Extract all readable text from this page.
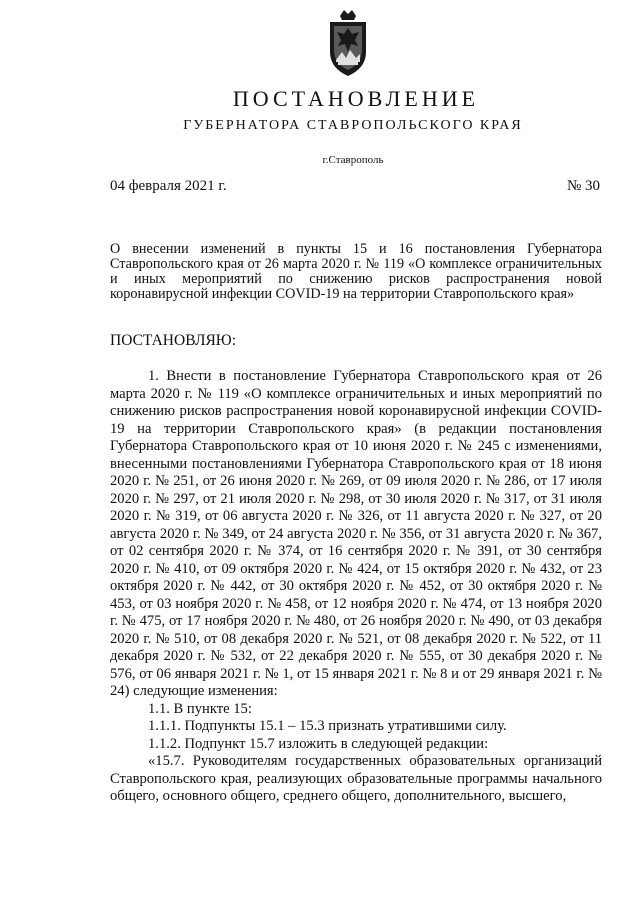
ПОСТАНОВЛЕНИЕ
ГУБЕРНАТОРА СТАВРОПОЛЬСКОГО КРАЯ
г.Ставрополь
04 февраля 2021 г.	№ 30
О внесении изменений в пункты 15 и 16 постановления Губернатора Ставропольского края от 26 марта 2020 г. № 119 «О комплексе ограничительных и иных мероприятий по снижению рисков распространения новой коронавирусной инфекции COVID-19 на территории Ставропольского края»
ПОСТАНОВЛЯЮ:

1. Внести в постановление Губернатора Ставропольского края от 26 марта 2020 г. № 119 «О комплексе ограничительных и иных мероприятий по снижению рисков распространения новой коронавирусной инфекции COVID-19 на территории Ставропольского края» (в редакции постановления Губернатора Ставропольского края от 10 июня 2020 г. № 245 с изменениями, внесенными постановлениями Губернатора Ставропольского края от 18 июня 2020 г. № 251, от 26 июня 2020 г. № 269, от 09 июля 2020 г. № 286, от 17 июля 2020 г. № 297, от 21 июля 2020 г. № 298, от 30 июля 2020 г. № 317, от 31 июля 2020 г. № 319, от 06 августа 2020 г. № 326, от 11 августа 2020 г. № 327, от 20 августа 2020 г. № 349, от 24 августа 2020 г. № 356, от 31 августа 2020 г. № 367, от 02 сентября 2020 г. № 374, от 16 сентября 2020 г. № 391, от 30 сентября 2020 г. № 410, от 09 октября 2020 г. № 424, от 15 октября 2020 г. № 432, от 23 октября 2020 г. № 442, от 30 октября 2020 г. № 452, от 30 октября 2020 г. № 453, от 03 ноября 2020 г. № 458, от 12 ноября 2020 г. № 474, от 13 ноября 2020 г. № 475, от 17 ноября 2020 г. № 480, от 26 ноября 2020 г. № 490, от 03 декабря 2020 г. № 510, от 08 декабря 2020 г. № 521, от 08 декабря 2020 г. № 522, от 11 декабря 2020 г. № 532, от 22 декабря 2020 г. № 555, от 30 декабря 2020 г. № 576, от 06 января 2021 г. № 1, от 15 января 2021 г. № 8 и от 29 января 2021 г. № 24) следующие изменения:

1.1. В пункте 15:

1.1.1. Подпункты 15.1 – 15.3 признать утратившими силу.

1.1.2. Подпункт 15.7 изложить в следующей редакции:

«15.7. Руководителям государственных образовательных организаций Ставропольского края, реализующих образовательные программы начального общего, основного общего, среднего общего, дополнительного, высшего,
